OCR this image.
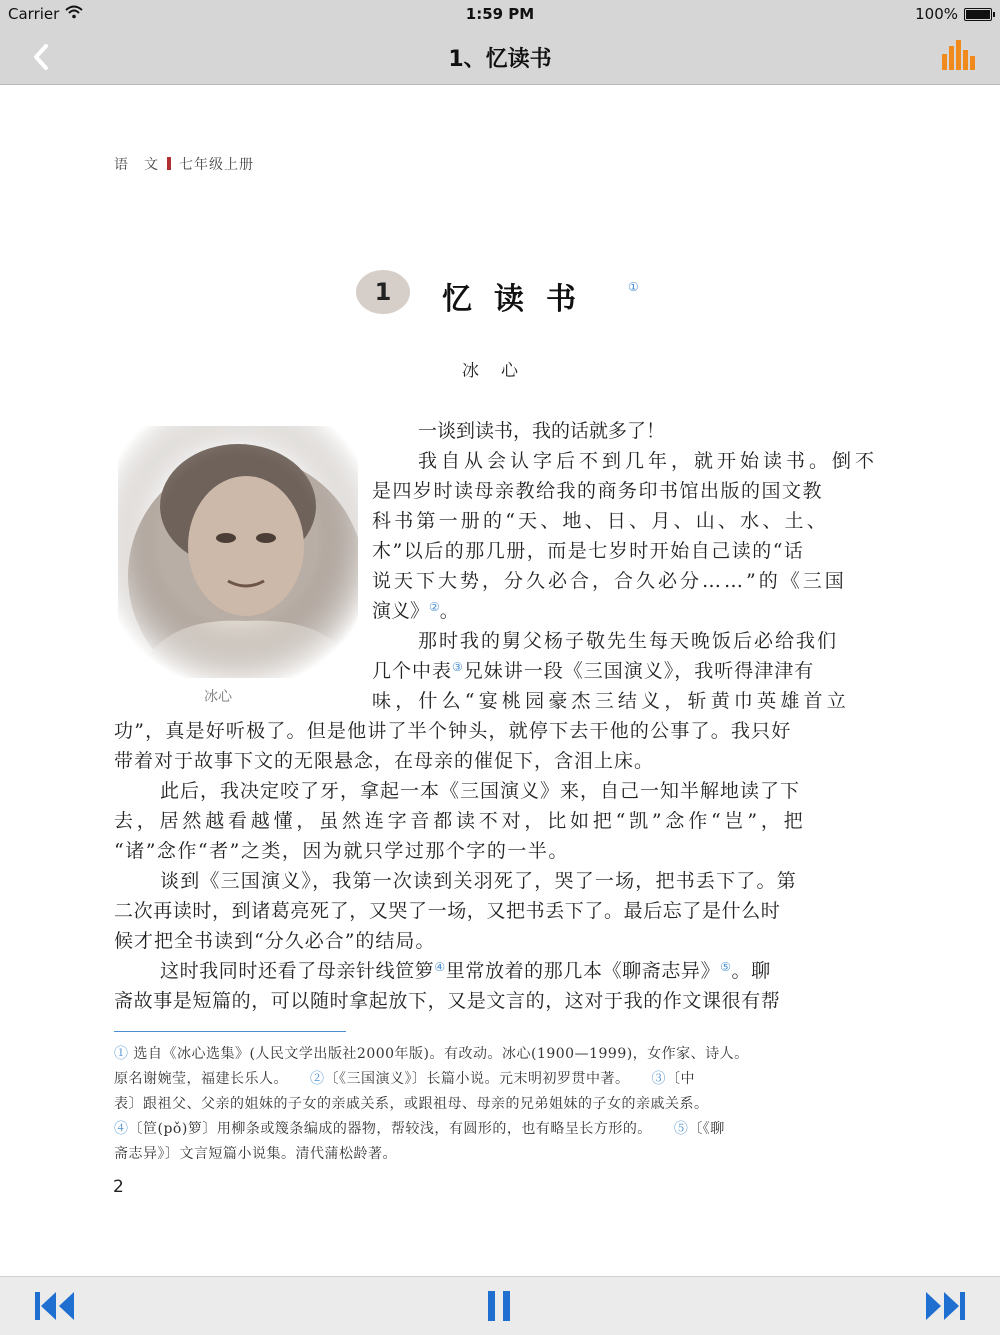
Carrier	1:59 PM	100%
1、忆读书
语　文 七年级上册
1	忆读书	①
冰心
冰心
一谈到读书，我的话就多了！
我自从会认字后不到几年，就开始读书。倒不
是四岁时读母亲教给我的商务印书馆出版的国文教
科书第一册的“天、地、日、月、山、水、土、
木”以后的那几册，而是七岁时开始自己读的“话
说天下大势，分久必合，合久必分……”的《三国
演义》②。
那时我的舅父杨子敬先生每天晚饭后必给我们
几个中表③兄妹讲一段《三国演义》，我听得津津有
味，什么“宴桃园豪杰三结义，斩黄巾英雄首立
功”，真是好听极了。但是他讲了半个钟头，就停下去干他的公事了。我只好
带着对于故事下文的无限悬念，在母亲的催促下，含泪上床。
此后，我决定咬了牙，拿起一本《三国演义》来，自己一知半解地读了下
去，居然越看越懂，虽然连字音都读不对，比如把“凯”念作“岂”，把
“诸”念作“者”之类，因为就只学过那个字的一半。
谈到《三国演义》，我第一次读到关羽死了，哭了一场，把书丢下了。第
二次再读时，到诸葛亮死了，又哭了一场，又把书丢下了。最后忘了是什么时
候才把全书读到“分久必合”的结局。
这时我同时还看了母亲针线笸箩④里常放着的那几本《聊斋志异》⑤。聊
斋故事是短篇的，可以随时拿起放下，又是文言的，这对于我的作文课很有帮
① 选自《冰心选集》(人民文学出版社2000年版)。有改动。冰心(1900—1999)，女作家、诗人。
原名谢婉莹，福建长乐人。　　②〔《三国演义》〕长篇小说。元末明初罗贯中著。　　③〔中
表〕跟祖父、父亲的姐妹的子女的亲戚关系，或跟祖母、母亲的兄弟姐妹的子女的亲戚关系。
④〔笸(pǒ)箩〕用柳条或篾条编成的器物，帮较浅，有圆形的，也有略呈长方形的。　　⑤〔《聊
斋志异》〕文言短篇小说集。清代蒲松龄著。
2
